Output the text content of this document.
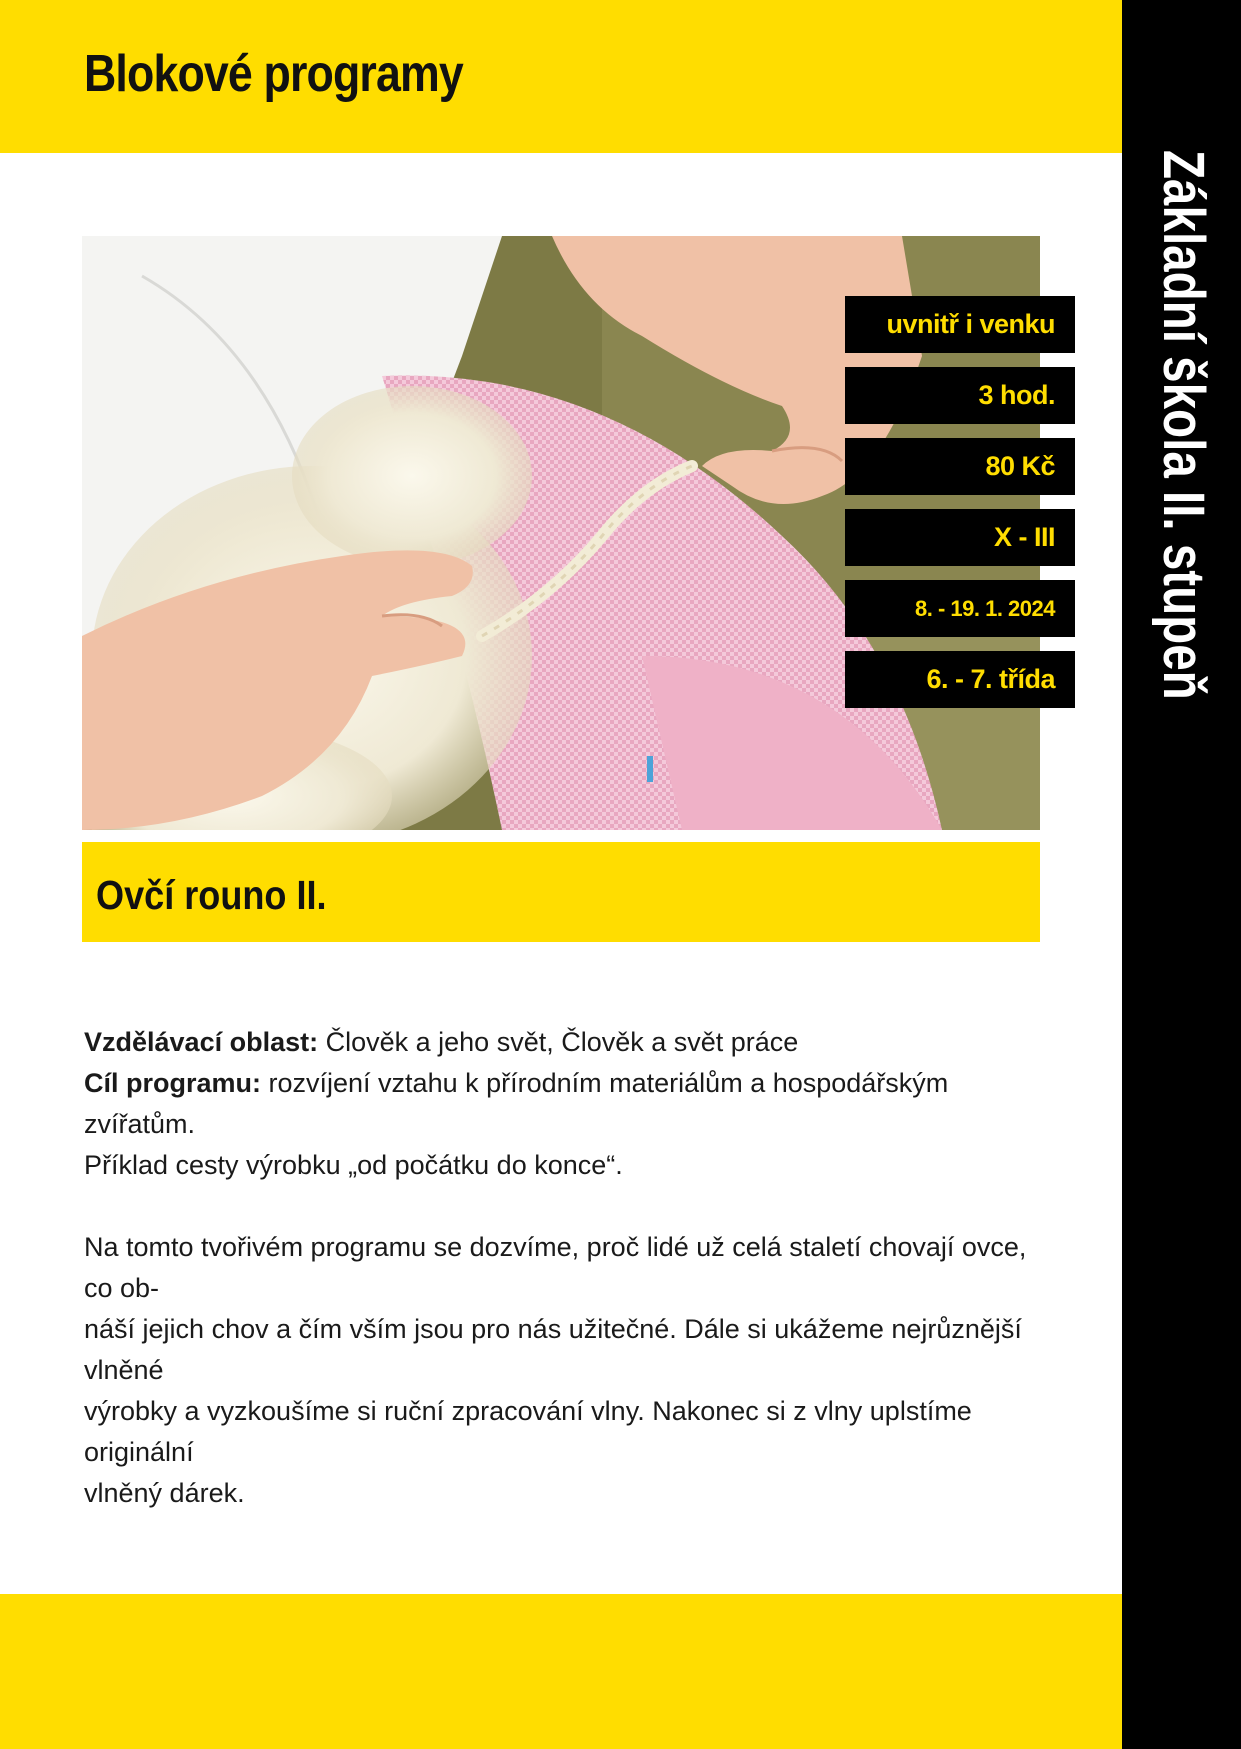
Blokové programy
Základní škola II. stupeň
uvnitř i venku
3 hod.
80 Kč
X - III
8. - 19. 1. 2024
6. - 7. třída
Ovčí rouno II.

Vzdělávací oblast: Člověk a jeho svět, Člověk a svět práce

Cíl programu: rozvíjení vztahu k přírodním materiálům a hospodářským zvířatům.

Příklad cesty výrobku „od počátku do konce“.

Na tomto tvořivém programu se dozvíme, proč lidé už celá staletí chovají ovce, co ob-

náší jejich chov a čím vším jsou pro nás užitečné. Dále si ukážeme nejrůznější vlněné

výrobky a vyzkoušíme si ruční zpracování vlny. Nakonec si z vlny uplstíme originální

vlněný dárek.
